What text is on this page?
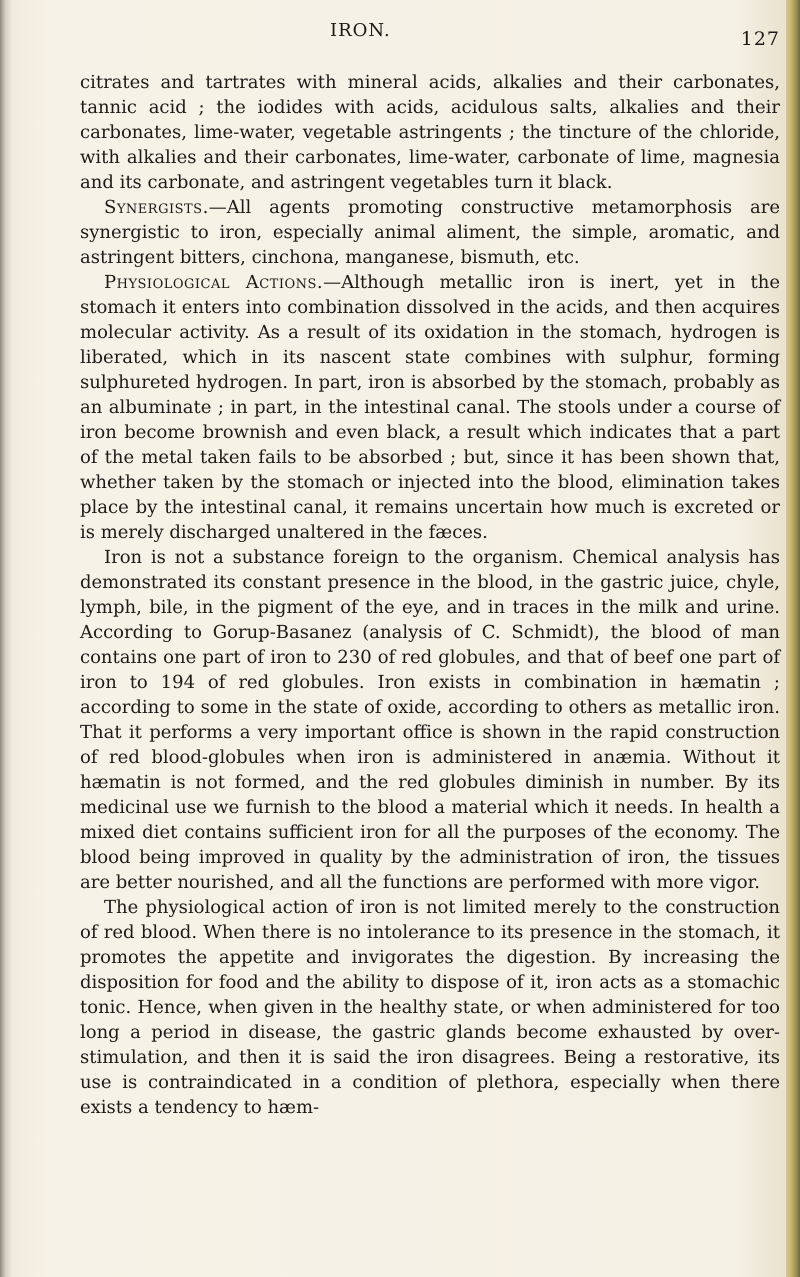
IRON.	127

citrates and tartrates with mineral acids, alkalies and their carbonates, tannic acid ; the iodides with acids, acidulous salts, alkalies and their carbonates, lime-water, vegetable astringents ; the tincture of the chloride, with alkalies and their carbonates, lime-water, carbonate of lime, magnesia and its carbonate, and astringent vegetables turn it black.

Synergists.—All agents promoting constructive metamorphosis are synergistic to iron, especially animal aliment, the simple, aromatic, and astringent bitters, cinchona, manganese, bismuth, etc.

Physiological Actions.—Although metallic iron is inert, yet in the stomach it enters into combination dissolved in the acids, and then acquires molecular activity. As a result of its oxidation in the stomach, hydrogen is liberated, which in its nascent state combines with sulphur, forming sulphureted hydrogen. In part, iron is absorbed by the stomach, probably as an albuminate ; in part, in the intestinal canal. The stools under a course of iron become brownish and even black, a result which indicates that a part of the metal taken fails to be absorbed ; but, since it has been shown that, whether taken by the stomach or injected into the blood, elimination takes place by the intestinal canal, it remains uncertain how much is excreted or is merely discharged unaltered in the fæces.

Iron is not a substance foreign to the organism. Chemical analysis has demonstrated its constant presence in the blood, in the gastric juice, chyle, lymph, bile, in the pigment of the eye, and in traces in the milk and urine. According to Gorup-Basanez (analysis of C. Schmidt), the blood of man contains one part of iron to 230 of red globules, and that of beef one part of iron to 194 of red globules. Iron exists in combination in hæmatin ; according to some in the state of oxide, according to others as metallic iron. That it performs a very important office is shown in the rapid construction of red blood-globules when iron is administered in anæmia. Without it hæmatin is not formed, and the red globules diminish in number. By its medicinal use we furnish to the blood a material which it needs. In health a mixed diet contains sufficient iron for all the purposes of the economy. The blood being improved in quality by the administration of iron, the tissues are better nourished, and all the functions are performed with more vigor.

The physiological action of iron is not limited merely to the construction of red blood. When there is no intolerance to its presence in the stomach, it promotes the appetite and invigorates the digestion. By increasing the disposition for food and the ability to dispose of it, iron acts as a stomachic tonic. Hence, when given in the healthy state, or when administered for too long a period in disease, the gastric glands become exhausted by over-stimulation, and then it is said the iron disagrees. Being a restorative, its use is contraindicated in a condition of plethora, especially when there exists a tendency to hæm-
